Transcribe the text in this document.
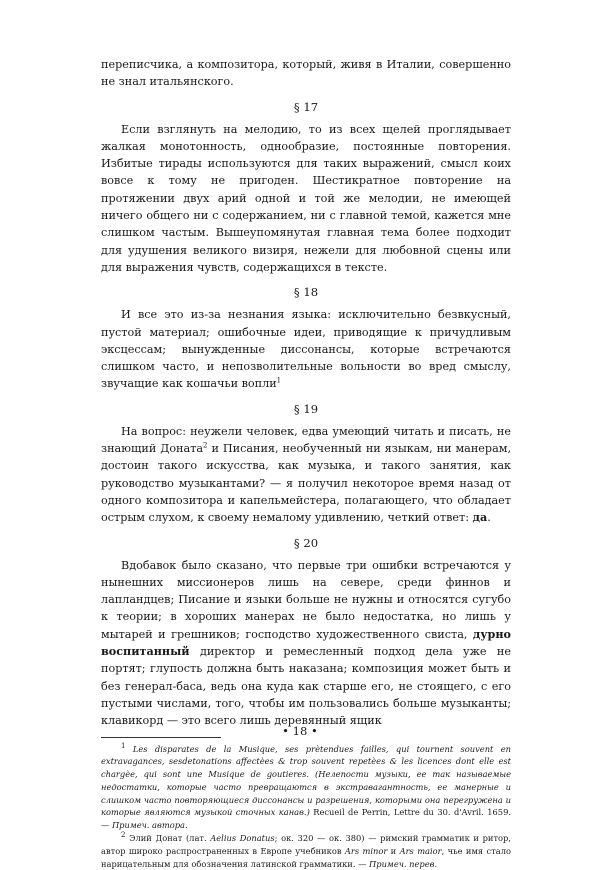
переписчика, а композитора, который, живя в Италии, совершенно не знал итальянского.

§ 17

Если взглянуть на мелодию, то из всех щелей проглядывает жалкая монотонность, однообразие, постоянные повторения. Избитые тирады используются для таких выражений, смысл коих вовсе к тому не пригоден. Шестикратное повторение на протяжении двух арий одной и той же мелодии, не имеющей ничего общего ни с содержанием, ни с главной темой, кажется мне слишком частым. Вышеупомянутая главная тема более подходит для удушения великого визиря, нежели для любовной сцены или для выражения чувств, содержащихся в тексте.

§ 18

И все это из-за незнания языка: исключительно безвкусный, пустой материал; ошибочные идеи, приводящие к причудливым эксцессам; вынужденные диссонансы, которые встречаются слишком часто, и непозволительные вольности во вред смыслу, звучащие как кошачьи вопли$^1$

§ 19

На вопрос: неужели человек, едва умеющий читать и писать, не знающий Доната$^2$ и Писания, необученный ни языкам, ни манерам, достоин такого искусства, как музыка, и такого занятия, как руководство музыкантами? — я получил некоторое время назад от одного композитора и капельмейстера, полагающего, что обладает острым слухом, к своему немалому удивлению, четкий ответ: да.

§ 20

Вдобавок было сказано, что первые три ошибки встречаются у нынешних миссионеров лишь на севере, среди финнов и лапландцев; Писание и языки больше не нужны и относятся сугубо к теории; в хороших манерах не было недостатка, но лишь у мытарей и грешников; господство художественного свиста, дурно воспитанный директор и ремесленный подход дела уже не портят; глупость должна быть наказана; композиция может быть и без генерал-баса, ведь она куда как старше его, не стоящего, с его пустыми числами, того, чтобы им пользовались больше музыканты; клавикорд — это всего лишь деревянный ящик

$^1$ Les disparates de la Musique, ses prètendues failles, qui tournent souvent en extravagances, sesdetonations affectèes & trop souvent repetèes & les licences dont elle est chargèe, qui sont une Musique de goutieres. (Нелепости музыки, ее так называемые недостатки, которые часто превращаются в экстравагантность, ее манерные и слишком часто повторяющиеся диссонансы и разрешения, которыми она перегружена и которые являются музыкой сточных канав.) Recueil de Perrin, Lettre du 30. d'Avril. 1659. — Примеч. автора.

$^2$ Элий Донат (лат. Aelius Donatus; ок. 320 — ок. 380) — римский грамматик и ритор, автор широко распространенных в Европе учебников Ars minor и Ars maior, чье имя стало нарицательным для обозначения латинской грамматики. — Примеч. перев.

• 18 •
